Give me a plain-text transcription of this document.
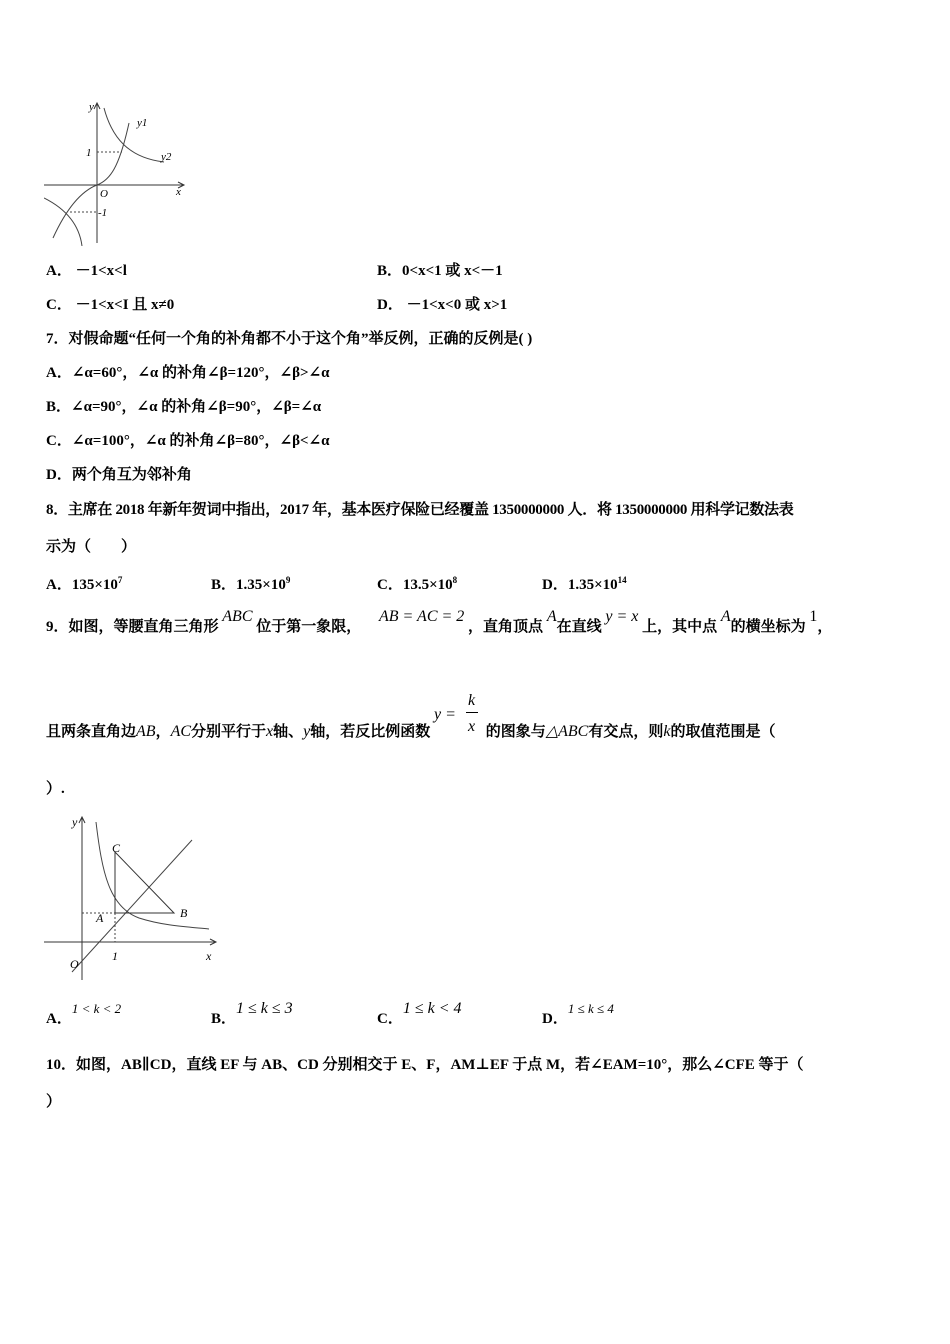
y
y1
y2
x
O
1
-1
A． －1<x<l	B．0<x<1 或 x<－1
C． －1<x<I 且 x≠0	D． －1<x<0 或 x>1
7．对假命题“任何一个角的补角都不小于这个角”举反例，正确的反例是( )
A．∠α=60°，∠α 的补角∠β=120°，∠β>∠α
B．∠α=90°，∠α 的补角∠β=90°，∠β=∠α
C．∠α=100°，∠α 的补角∠β=80°，∠β<∠α
D．两个角互为邻补角
8．主席在 2018 年新年贺词中指出，2017 年，基本医疗保险已经覆盖 1350000000 人．将 1350000000 用科学记数法表
示为（　　）
A．$135\times 10^7$	B．$1.35\times 10^9$	C．$13.5\times 10^8$	D．$1.35\times 10^{14}$
9．如图，等腰直角三角形 ABC 位于第一象限， AB = AC = 2 ，直角顶点 A在直线 y = x 上，其中点 A的横坐标为 1，
且两条直角边AB，AC分别平行于x轴、y轴，若反比例函数
y =
k
x 的图象与△ABC有交点，则k的取值范围是（
）.
y
x
O
A	B
C
1
A．1 < k < 2
B．1 ≤ k ≤ 3
C．1 ≤ k < 4
D．1 ≤ k ≤ 4
10．如图，AB∥CD，直线 EF 与 AB、CD 分别相交于 E、F，AM⊥EF 于点 M，若∠EAM=10°，那么∠CFE 等于（
）
